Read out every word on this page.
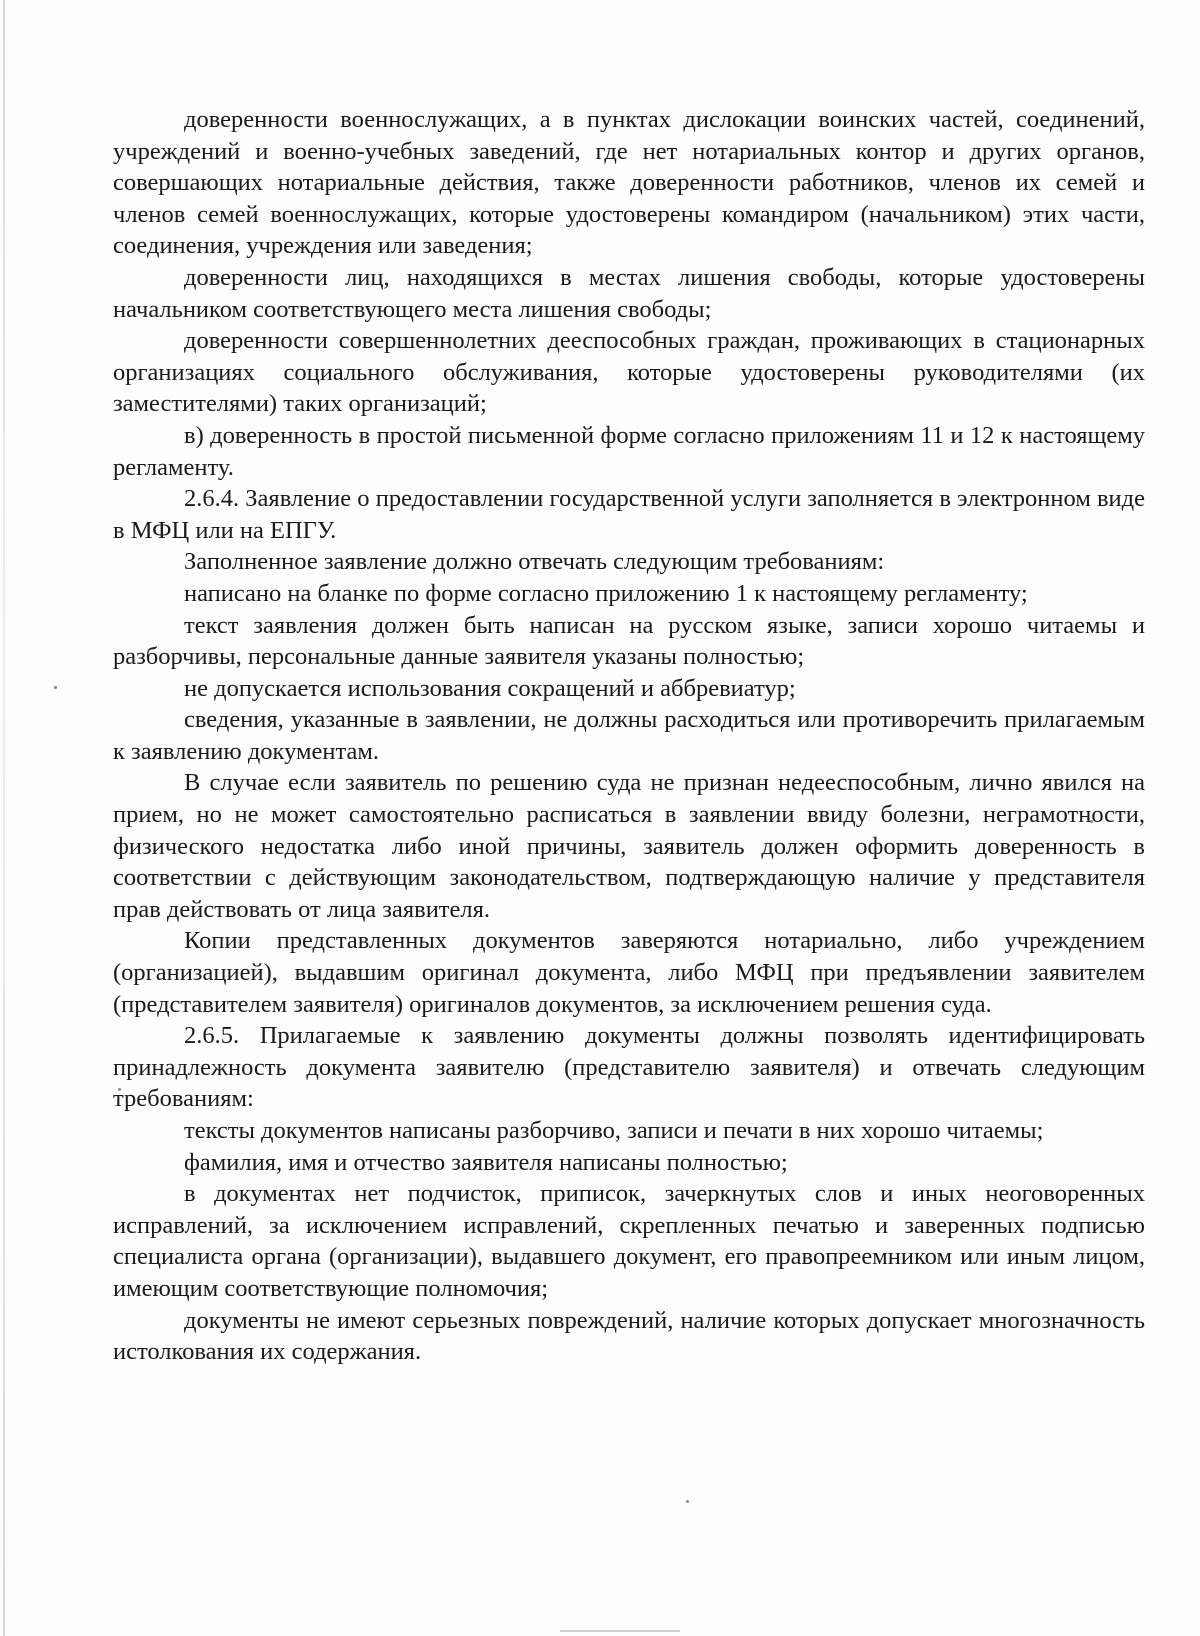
доверенности военнослужащих, а в пунктах дислокации воинских частей, соединений, учреждений и военно-учебных заведений, где нет нотариальных контор и других органов, совершающих нотариальные действия, также доверенности работников, членов их семей и членов семей военнослужащих, которые удостоверены командиром (начальником) этих части, соединения, учреждения или заведения;

доверенности лиц, находящихся в местах лишения свободы, которые удостоверены начальником соответствующего места лишения свободы;

доверенности совершеннолетних дееспособных граждан, проживающих в стационарных организациях социального обслуживания, которые удостоверены руководителями (их заместителями) таких организаций;

в) доверенность в простой письменной форме согласно приложениям 11 и 12 к настоящему регламенту.

2.6.4. Заявление о предоставлении государственной услуги заполняется в электронном виде в МФЦ или на ЕПГУ.

Заполненное заявление должно отвечать следующим требованиям:

написано на бланке по форме согласно приложению 1 к настоящему регламенту;

текст заявления должен быть написан на русском языке, записи хорошо читаемы и разборчивы, персональные данные заявителя указаны полностью;

не допускается использования сокращений и аббревиатур;

сведения, указанные в заявлении, не должны расходиться или противоречить прилагаемым к заявлению документам.

В случае если заявитель по решению суда не признан недееспособным, лично явился на прием, но не может самостоятельно расписаться в заявлении ввиду болезни, неграмотности, физического недостатка либо иной причины, заявитель должен оформить доверенность в соответствии с действующим законодательством, подтверждающую наличие у представителя прав действовать от лица заявителя.

Копии представленных документов заверяются нотариально, либо учреждением (организацией), выдавшим оригинал документа, либо МФЦ при предъявлении заявителем (представителем заявителя) оригиналов документов, за исключением решения суда.

2.6.5. Прилагаемые к заявлению документы должны позволять идентифицировать принадлежность документа заявителю (представителю заявителя) и отвечать следующим требованиям:

тексты документов написаны разборчиво, записи и печати в них хорошо читаемы;

фамилия, имя и отчество заявителя написаны полностью;

в документах нет подчисток, приписок, зачеркнутых слов и иных неоговоренных исправлений, за исключением исправлений, скрепленных печатью и заверенных подписью специалиста органа (организации), выдавшего документ, его правопреемником или иным лицом, имеющим соответствующие полномочия;

документы не имеют серьезных повреждений, наличие которых допускает многозначность истолкования их содержания.
